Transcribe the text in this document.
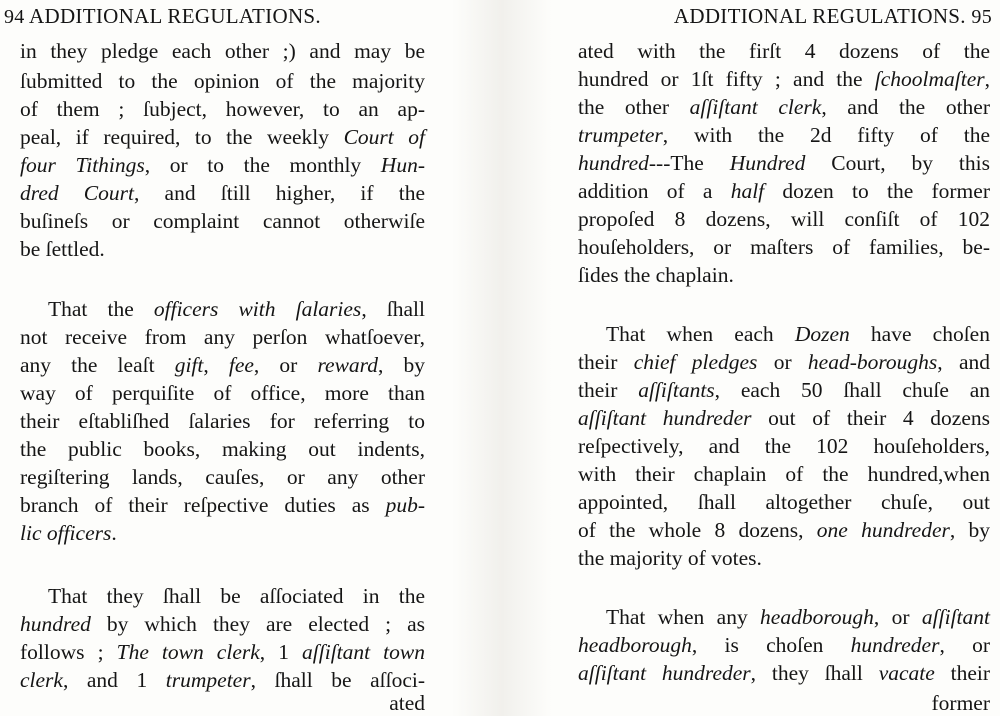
94 ADDITIONAL REGULATIONS.
in they pledge each other ;) and may be
ſubmitted to the opinion of the majority
of them ; ſubject, however, to an ap-
peal, if required, to the weekly Court of
four Tithings, or to the monthly Hun-
dred Court, and ſtill higher, if the
buſineſs or complaint cannot otherwiſe
be ſettled.
That the officers with ſalaries, ſhall
not receive from any perſon whatſoever,
any the leaſt gift, fee, or reward, by
way of perquiſite of office, more than
their eſtabliſhed ſalaries for referring to
the public books, making out indents,
regiſtering lands, cauſes, or any other
branch of their reſpective duties as pub-
lic officers.
That they ſhall be aſſociated in the
hundred by which they are elected ; as
follows ; The town clerk, 1 aſſiſtant town
clerk, and 1 trumpeter, ſhall be aſſoci-
ated
ADDITIONAL REGULATIONS. 95
ated with the firſt 4 dozens of the
hundred or 1ſt fifty ; and the ſchoolmaſter,
the other aſſiſtant clerk, and the other
trumpeter, with the 2d fifty of the
hundred---The Hundred Court, by this
addition of a half dozen to the former
propoſed 8 dozens, will conſiſt of 102
houſeholders, or maſters of families, be-
ſides the chaplain.
That when each Dozen have choſen
their chief pledges or head-boroughs, and
their aſſiſtants, each 50 ſhall chuſe an
aſſiſtant hundreder out of their 4 dozens
reſpectively, and the 102 houſeholders,
with their chaplain of the hundred,when
appointed, ſhall altogether chuſe, out
of the whole 8 dozens, one hundreder, by
the majority of votes.
That when any headborough, or aſſiſtant
headborough, is choſen hundreder, or
aſſiſtant hundreder, they ſhall vacate their
former
